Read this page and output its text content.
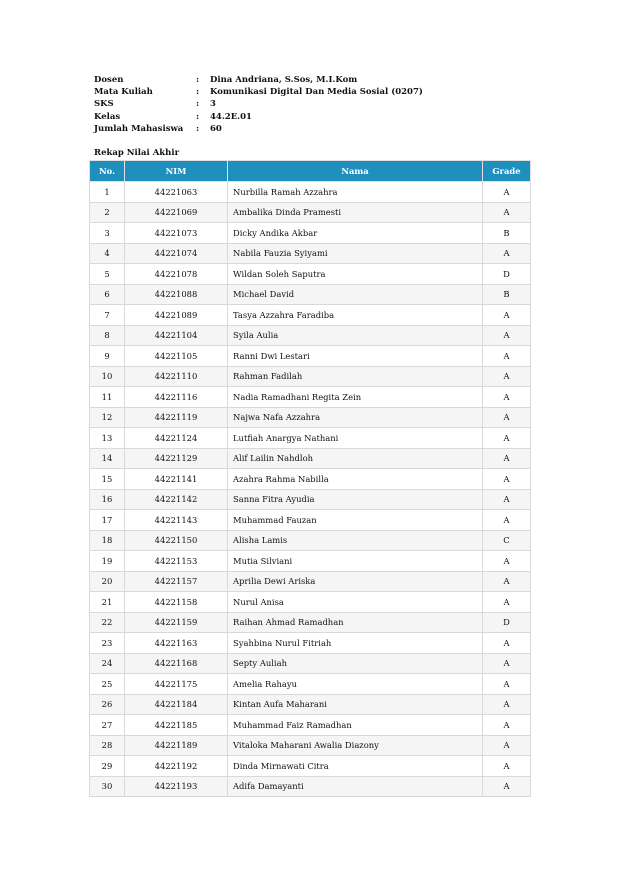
Dosen	: Dina Andriana, S.Sos, M.I.Kom
Mata Kuliah	: Komunikasi Digital Dan Media Sosial (0207)
SKS	: 3
Kelas	: 44.2E.01
Jumlah Mahasiswa : 60
Rekap Nilai Akhir
No.	NIM	Nama	Grade
1	44221063	Nurbilla Ramah Azzahra	A
2	44221069	Ambalika Dinda Pramesti	A
3	44221073	Dicky Andika Akbar	B
4	44221074	Nabila Fauzia Syiyami	A
5	44221078	Wildan Soleh Saputra	D
6	44221088	Michael David	B
7	44221089	Tasya Azzahra Faradiba	A
8	44221104	Syila Aulia	A
9	44221105	Ranni Dwi Lestari	A
10	44221110	Rahman Fadilah	A
11	44221116	Nadia Ramadhani Regita Zein	A
12	44221119	Najwa Nafa Azzahra	A
13	44221124	Lutfiah Anargya Nathani	A
14	44221129	Alif Lailin Nahdloh	A
15	44221141	Azahra Rahma Nabilla	A
16	44221142	Sanna Fitra Ayudia	A
17	44221143	Muhammad Fauzan	A
18	44221150	Alisha Lamis	C
19	44221153	Mutia Silviani	A
20	44221157	Aprilia Dewi Ariska	A
21	44221158	Nurul Anisa	A
22	44221159	Raihan Ahmad Ramadhan	D
23	44221163	Syahbina Nurul Fitriah	A
24	44221168	Septy Auliah	A
25	44221175	Amelia Rahayu	A
26	44221184	Kintan Aufa Maharani	A
27	44221185	Muhammad Faiz Ramadhan	A
28	44221189	Vitaloka Maharani Awalia Diazony	A
29	44221192	Dinda Mirnawati Citra	A
30	44221193	Adifa Damayanti	A
